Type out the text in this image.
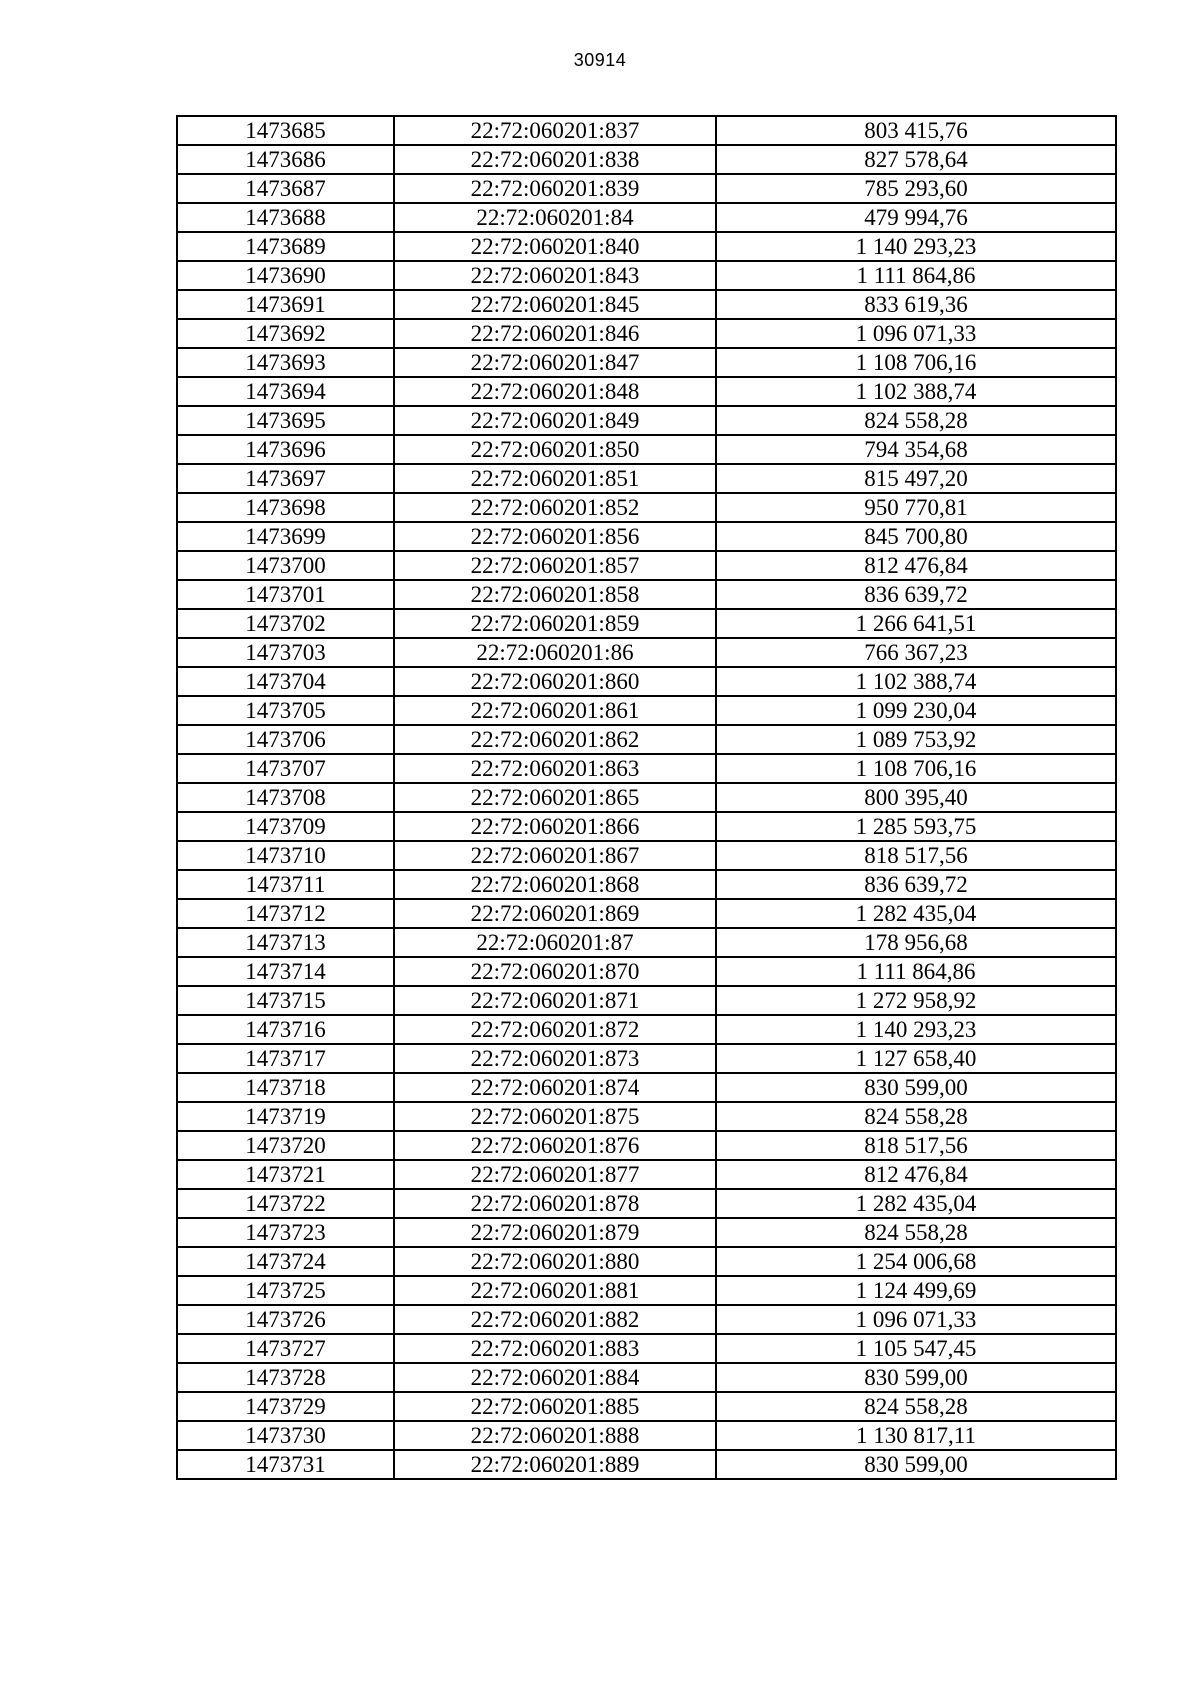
30914
1473685	22:72:060201:837	803 415,76
1473686	22:72:060201:838	827 578,64
1473687	22:72:060201:839	785 293,60
1473688	22:72:060201:84	479 994,76
1473689	22:72:060201:840	1 140 293,23
1473690	22:72:060201:843	1 111 864,86
1473691	22:72:060201:845	833 619,36
1473692	22:72:060201:846	1 096 071,33
1473693	22:72:060201:847	1 108 706,16
1473694	22:72:060201:848	1 102 388,74
1473695	22:72:060201:849	824 558,28
1473696	22:72:060201:850	794 354,68
1473697	22:72:060201:851	815 497,20
1473698	22:72:060201:852	950 770,81
1473699	22:72:060201:856	845 700,80
1473700	22:72:060201:857	812 476,84
1473701	22:72:060201:858	836 639,72
1473702	22:72:060201:859	1 266 641,51
1473703	22:72:060201:86	766 367,23
1473704	22:72:060201:860	1 102 388,74
1473705	22:72:060201:861	1 099 230,04
1473706	22:72:060201:862	1 089 753,92
1473707	22:72:060201:863	1 108 706,16
1473708	22:72:060201:865	800 395,40
1473709	22:72:060201:866	1 285 593,75
1473710	22:72:060201:867	818 517,56
1473711	22:72:060201:868	836 639,72
1473712	22:72:060201:869	1 282 435,04
1473713	22:72:060201:87	178 956,68
1473714	22:72:060201:870	1 111 864,86
1473715	22:72:060201:871	1 272 958,92
1473716	22:72:060201:872	1 140 293,23
1473717	22:72:060201:873	1 127 658,40
1473718	22:72:060201:874	830 599,00
1473719	22:72:060201:875	824 558,28
1473720	22:72:060201:876	818 517,56
1473721	22:72:060201:877	812 476,84
1473722	22:72:060201:878	1 282 435,04
1473723	22:72:060201:879	824 558,28
1473724	22:72:060201:880	1 254 006,68
1473725	22:72:060201:881	1 124 499,69
1473726	22:72:060201:882	1 096 071,33
1473727	22:72:060201:883	1 105 547,45
1473728	22:72:060201:884	830 599,00
1473729	22:72:060201:885	824 558,28
1473730	22:72:060201:888	1 130 817,11
1473731	22:72:060201:889	830 599,00
